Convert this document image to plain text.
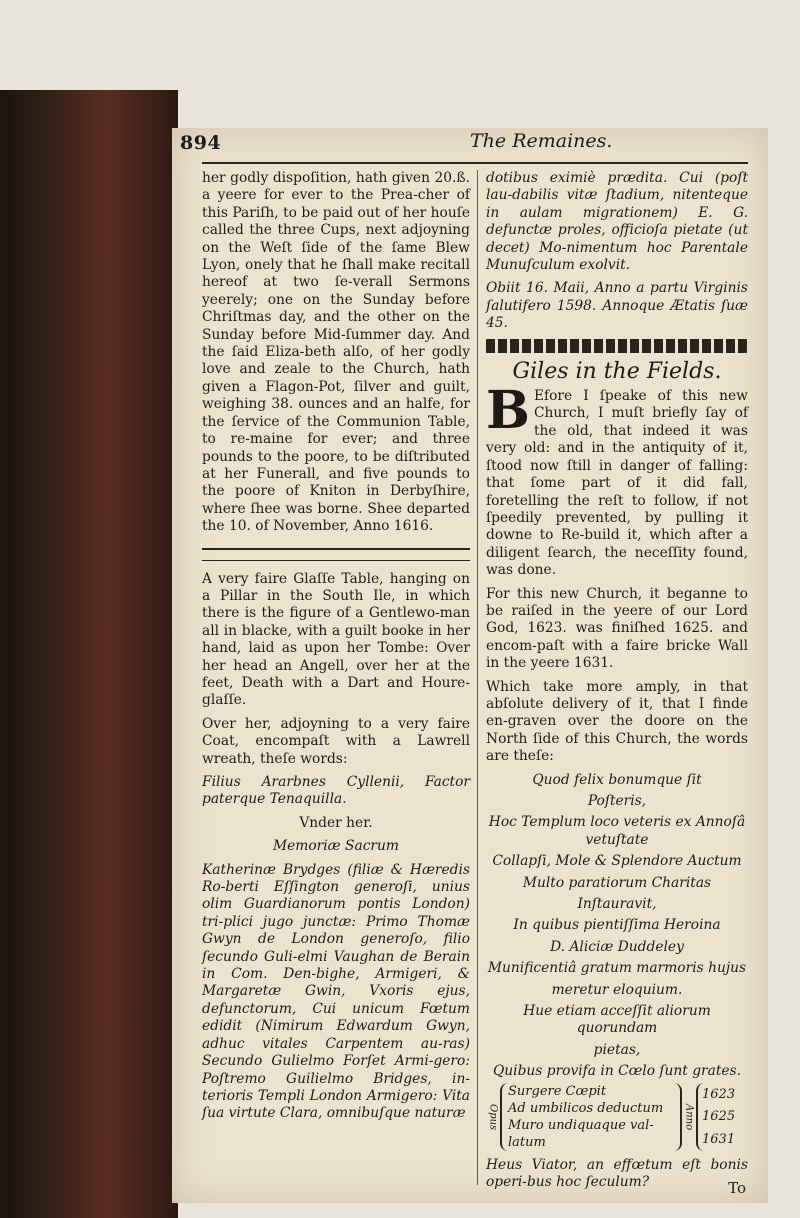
894	The Remaines.

her godly dispoſition, hath given 20.ß. a yeere for ever to the Prea-cher of this Pariſh, to be paid out of her houſe called the three Cups, next adjoyning on the Weſt ſide of the ſame Blew Lyon, onely that he ſhall make recitall hereof at two ſe-verall Sermons yeerely; one on the Sunday before Chriſtmas day, and the other on the Sunday before Mid-ſummer day. And the ſaid Eliza-beth alſo, of her godly love and zeale to the Church, hath given a Flagon-Pot, ſilver and guilt, weighing 38. ounces and an halfe, for the ſervice of the Communion Table, to re-maine for ever; and three pounds to the poore, to be diſtributed at her Funerall, and five pounds to the poore of Kniton in Derbyſhire, where ſhee was borne. Shee departed the 10. of November, Anno 1616.

A very faire Glaſſe Table, hanging on a Pillar in the South Ile, in which there is the figure of a Gentlewo-man all in blacke, with a guilt booke in her hand, laid as upon her Tombe: Over her head an Angell, over her at the feet, Death with a Dart and Houre-glaſſe.

Over her, adjoyning to a very faire Coat, encompaſt with a Lawrell wreath, theſe words:

Filius Ararbnes Cyllenii, Factor paterque Tenaquilla.

Vnder her.

Memoriæ Sacrum

Katherinæ Brydges (filiæ & Hæredis Ro-berti Eſſington generoſi, unius olim Guardianorum pontis London) tri-plici jugo junctæ: Primo Thomæ Gwyn de London generoſo, filio ſecundo Guli-elmi Vaughan de Berain in Com. Den-bighe, Armigeri, & Margaretæ Gwin, Vxoris ejus, defunctorum, Cui unicum Fœtum edidit (Nimirum Edwardum Gwyn, adhuc vitales Carpentem au-ras) Secundo Gulielmo Forſet Armi-gero: Poſtremo Guilielmo Bridges, in-terioris Templi London Armigero: Vita ſua virtute Clara, omnibuſque naturæ

dotibus eximiè prædita. Cui (poſt lau-dabilis vitæ ſtadium, nitenteque in aulam migrationem) E. G. defunctæ proles, officioſa pietate (ut decet) Mo-nimentum hoc Parentale Munuſculum exolvit.

Obiit 16. Maii, Anno a partu Virginis ſalutifero 1598. Annoque Ætatis ſuæ 45.

Giles in the Fields.

B Efore I ſpeake of this new Church, I muſt briefly ſay of the old, that indeed it was very old: and in the antiquity of it, ſtood now ſtill in danger of falling: that ſome part of it did fall, foretelling the reſt to follow, if not ſpeedily prevented, by pulling it downe to Re-build it, which after a diligent ſearch, the neceſſity found, was done.

For this new Church, it beganne to be raiſed in the yeere of our Lord God, 1623. was finiſhed 1625. and encom-paſt with a faire bricke Wall in the yeere 1631.

Which take more amply, in that abſolute delivery of it, that I finde en-graven over the doore on the North ſide of this Church, the words are theſe:

Quod felix bonumque ſit
Poſteris,
Hoc Templum loco veteris ex Annoſâ vetuſtate
Collapſi, Mole & Splendore Auctum
Multo paratiorum Charitas
Inſtauravit,
In quibus pientiſſima Heroina
D. Aliciæ Duddeley
Munificentiâ gratum marmoris hujus
meretur eloquium.
Hue etiam acceſſit aliorum quorundam
pietas,
Quibus provifa in Cœlo ſunt grates.
Opus
Surgere Cœpit
Ad umbilicos deductum
Muro undiquaque val-
latum
Anno
1623
1625
1631

Heus Viator, an effœtum eſt bonis operi-bus hoc ſeculum?	To
